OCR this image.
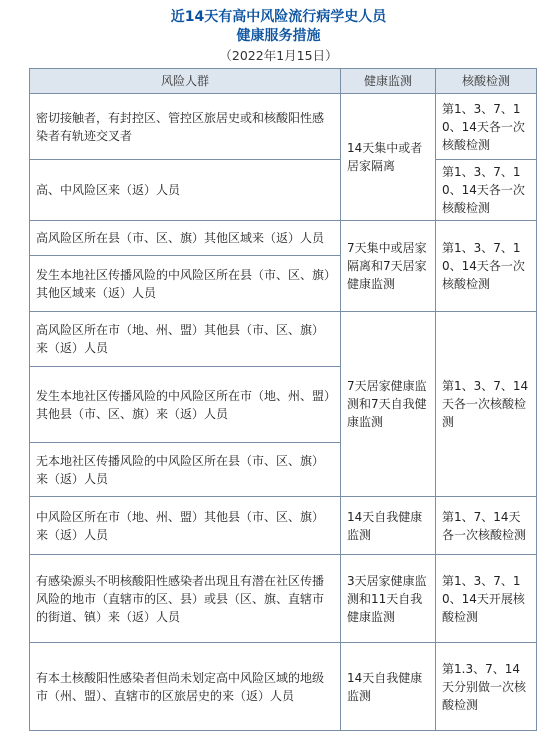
近14天有高中风险流行病学史人员
健康服务措施
（2022年1月15日）
风险人群	健康监测	核酸检测
密切接触者，有封控区、管控区旅居史或和核酸阳性感染者有轨迹交叉者	14天集中或者居家隔离	第1、3、7、10、14天各一次核酸检测
高、中风险区来（返）人员		第1、3、7、10、14天各一次核酸检测
高风险区所在县（市、区、旗）其他区域来（返）人员	7天集中或居家隔离和7天居家健康监测	第1、3、7、10、14天各一次核酸检测
发生本地社区传播风险的中风险区所在县（市、区、旗）其他区域来（返）人员		
高风险区所在市（地、州、盟）其他县（市、区、旗）来（返）人员	7天居家健康监测和7天自我健康监测	第1、3、7、14天各一次核酸检测
发生本地社区传播风险的中风险区所在市（地、州、盟）其他县（市、区、旗）来（返）人员		
无本地社区传播风险的中风险区所在县（市、区、旗）来（返）人员		
中风险区所在市（地、州、盟）其他县（市、区、旗）来（返）人员	14天自我健康监测	第1、7、14天各一次核酸检测
有感染源头不明核酸阳性感染者出现且有潜在社区传播风险的地市（直辖市的区、县）或县（区、旗、直辖市的街道、镇）来（返）人员	3天居家健康监测和11天自我健康监测	第1、3、7、10、14天开展核酸检测
有本土核酸阳性感染者但尚未划定高中风险区域的地级市（州、盟）、直辖市的区旅居史的来（返）人员	14天自我健康监测	第1.3、7、14天分别做一次核酸检测
